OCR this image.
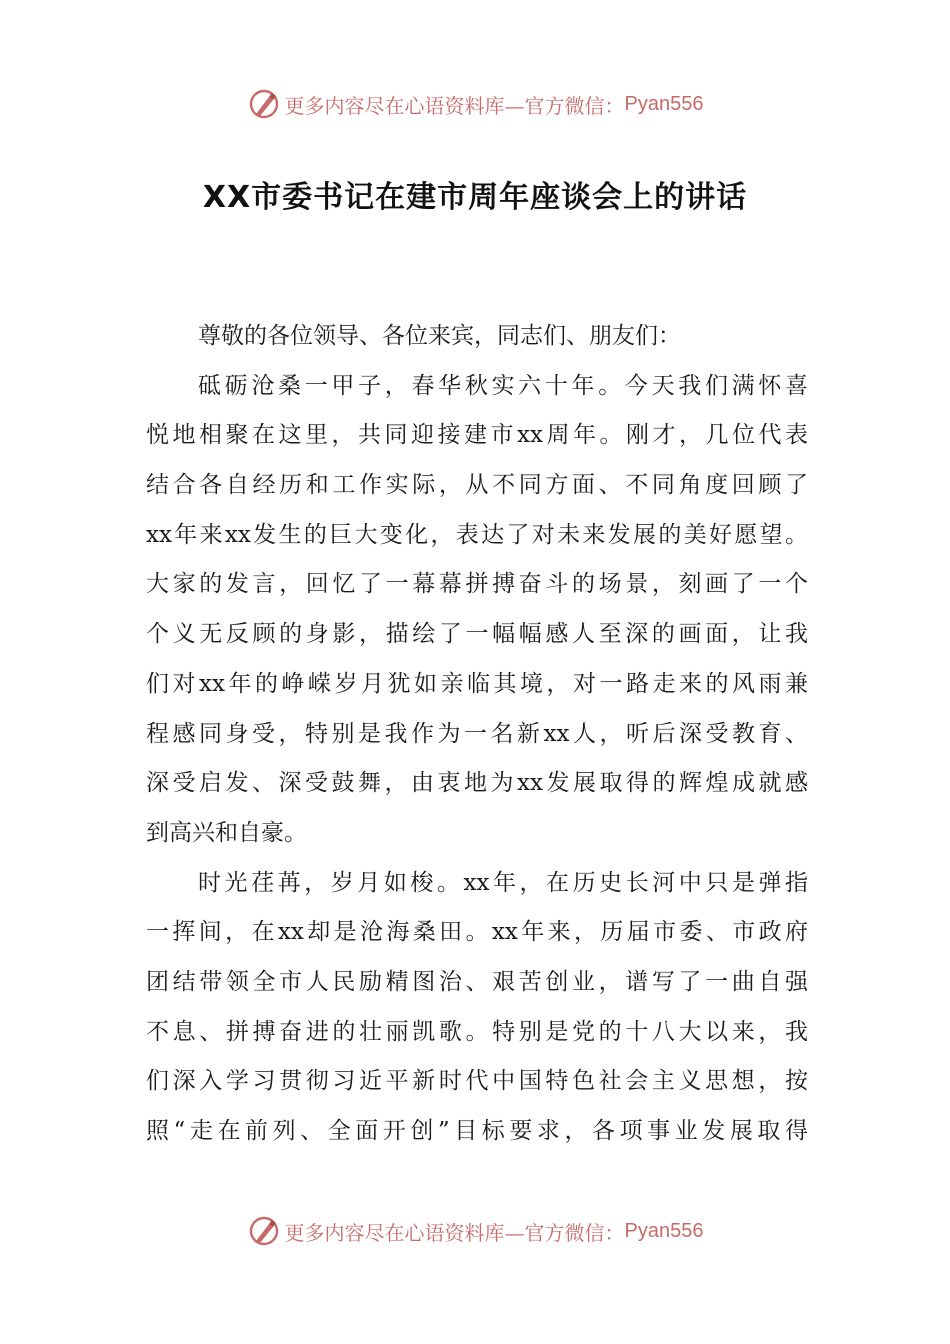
更多内容尽在心语资料库— 官方微信： Pyan556
XX市委书记在建市周年座谈会上的讲话
尊敬的各位领导、各位来宾，同志们、朋友们：
砥砺沧桑一甲子，春华秋实六十年。今天我们满怀喜
悦地相聚在这里，共同迎接建市xx周年。刚才，几位代表
结合各自经历和工作实际，从不同方面、不同角度回顾了
xx年来xx发生的巨大变化，表达了对未来发展的美好愿望。
大家的发言，回忆了一幕幕拼搏奋斗的场景，刻画了一个
个义无反顾的身影，描绘了一幅幅感人至深的画面，让我
们对xx年的峥嵘岁月犹如亲临其境，对一路走来的风雨兼
程感同身受，特别是我作为一名新xx人，听后深受教育、
深受启发、深受鼓舞，由衷地为xx发展取得的辉煌成就感
到高兴和自豪。
时光荏苒，岁月如梭。xx年，在历史长河中只是弹指
一挥间，在xx却是沧海桑田。xx年来，历届市委、市政府
团结带领全市人民励精图治、艰苦创业，谱写了一曲自强
不息、拼搏奋进的壮丽凯歌。特别是党的十八大以来，我
们深入学习贯彻习近平新时代中国特色社会主义思想，按
照“走在前列、全面开创”目标要求，各项事业发展取得
更多内容尽在心语资料库— 官方微信： Pyan556
